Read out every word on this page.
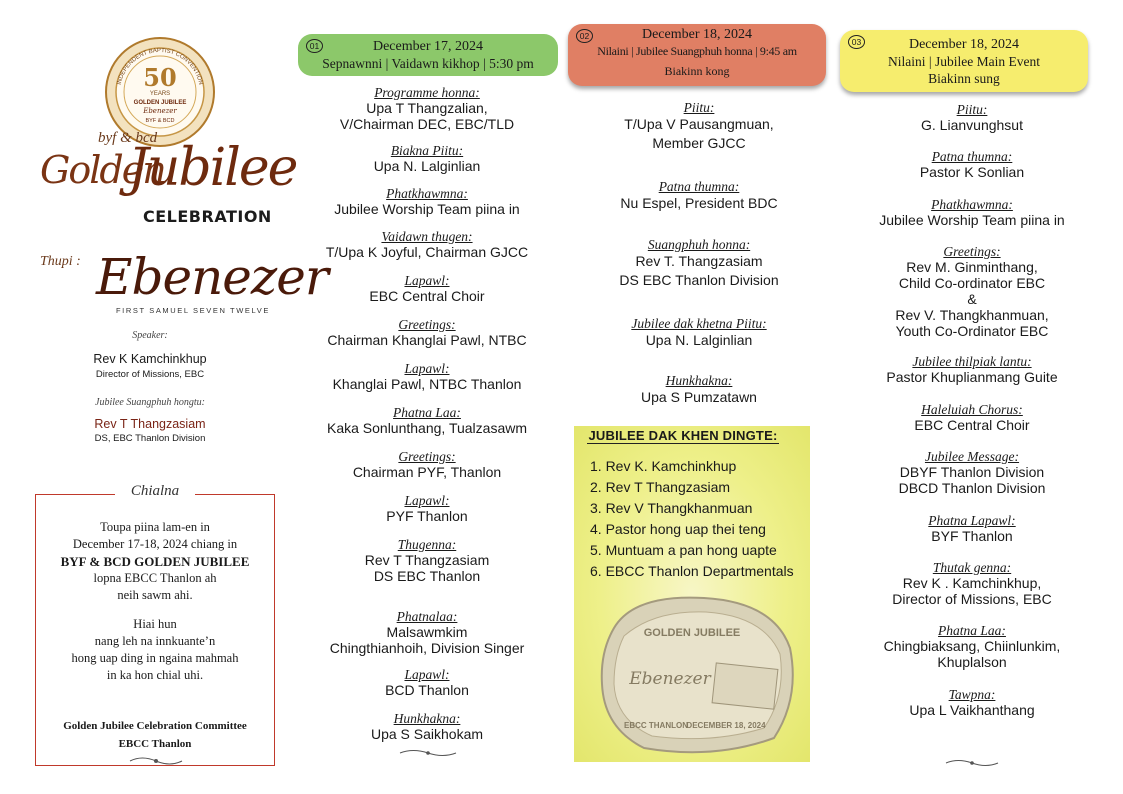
50
YEARS
GOLDEN JUBILEE
Ebenezer
BYF & BCD
INDEPENDENT BAPTIST CONVENTION
byf & bcd
Golden
Jubilee
CELEBRATION
Thupi : Ebenezer
FIRST SAMUEL SEVEN TWELVE
Speaker:
Rev K Kamchinkhup
Director of Missions, EBC
Jubilee Suangphuh hongtu:
Rev T Thangzasiam
DS, EBC Thanlon Division
Chialna
Toupa piina lam-en in
December 17-18, 2024 chiang in
BYF & BCD GOLDEN JUBILEE
lopna EBCC Thanlon ah
neih sawm ahi.
Hiai hun
nang leh na innkuante’n
hong uap ding in ngaina mahmah
in ka hon chial uhi.
Golden Jubilee Celebration Committee
EBCC Thanlon
01	December 17, 2024
Sepnawnni | Vaidawn kikhop | 5:30 pm
02	December 18, 2024
Nilaini | Jubilee Suangphuh honna | 9:45 am
Biakinn kong
03	December 18, 2024
Nilaini | Jubilee Main Event
Biakinn sung
Programme honna:
Upa T Thangzalian,
V/Chairman DEC, EBC/TLD
Biakna Piitu:
Upa N. Lalginlian
Phatkhawmna:
Jubilee Worship Team piina in
Vaidawn thugen:
T/Upa K Joyful, Chairman GJCC
Lapawl:
EBC Central Choir
Greetings:
Chairman Khanglai Pawl, NTBC
Lapawl:
Khanglai Pawl, NTBC Thanlon
Phatna Laa:
Kaka Sonlunthang, Tualzasawm
Greetings:
Chairman PYF, Thanlon
Lapawl:
PYF Thanlon
Thugenna:
Rev T Thangzasiam
DS EBC Thanlon
Phatnalaa:
Malsawmkim
Chingthianhoih, Division Singer
Lapawl:
BCD Thanlon
Hunkhakna:
Upa S Saikhokam
Piitu:
T/Upa V Pausangmuan,
Member GJCC
Patna thumna:
Nu Espel, President BDC
Suangphuh honna:
Rev T. Thangzasiam
DS EBC Thanlon Division
Jubilee dak khetna Piitu:
Upa N. Lalginlian
Hunkhakna:
Upa S Pumzatawn
JUBILEE DAK KHEN DINGTE:
1. Rev K. Kamchinkhup
2. Rev T Thangzasiam
3. Rev V Thangkhanmuan
4. Pastor hong uap thei teng
5. Muntuam a pan hong uapte
6. EBCC Thanlon Departmentals
GOLDEN JUBILEE
Ebenezer
EBCC THANLON
DECEMBER 18, 2024
Piitu:
G. Lianvunghsut
Patna thumna:
Pastor K Sonlian
Phatkhawmna:
Jubilee Worship Team piina in
Greetings:
Rev M. Ginminthang,
Child Co-ordinator EBC
&
Rev V. Thangkhanmuan,
Youth Co-Ordinator EBC
Jubilee thilpiak lantu:
Pastor Khuplianmang Guite
Haleluiah Chorus:
EBC Central Choir
Jubilee Message:
DBYF Thanlon Division
DBCD Thanlon Division
Phatna Lapawl:
BYF Thanlon
Thutak genna:
Rev K . Kamchinkhup,
Director of Missions, EBC
Phatna Laa:
Chingbiaksang, Chiinlunkim,
Khuplalson
Tawpna:
Upa L Vaikhanthang
